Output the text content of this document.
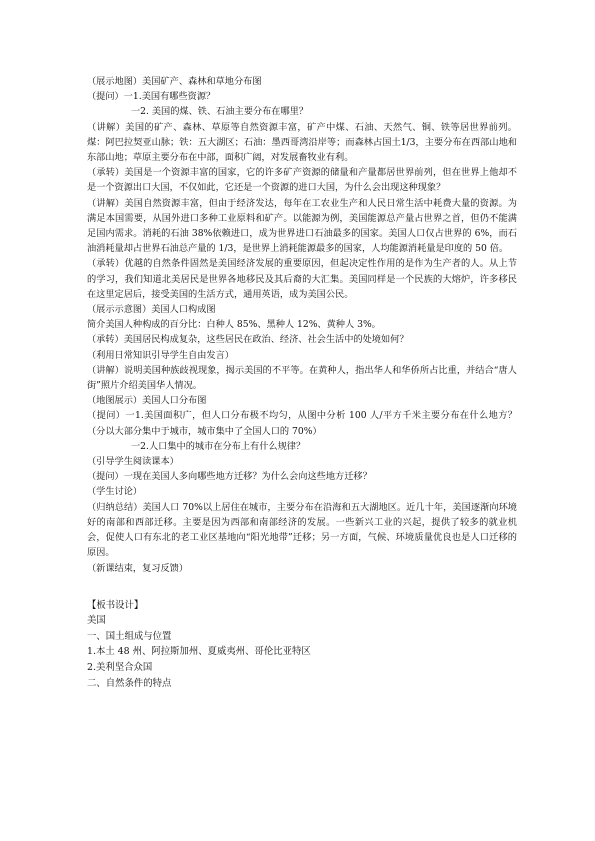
（展示地图）美国矿产、森林和草地分布图

（提问）一1.美国有哪些资源？

一2. 美国的煤、铁、石油主要分布在哪里？

（讲解）美国的矿产、森林、草原等自然资源丰富，矿产中煤、石油、天然气、铜、铁等居世界前列。煤：阿巴拉契亚山脉；铁：五大湖区；石油：墨西哥湾沿岸等；而森林占国土1/3，主要分布在西部山地和东部山地；草原主要分布在中部，面积广阔，对发展畜牧业有利。

（承转）美国是一个资源丰富的国家，它的许多矿产资源的储量和产量都居世界前列，但在世界上他却不是一个资源出口大国，不仅如此，它还是一个资源的进口大国，为什么会出现这种现象？

（讲解）美国自然资源丰富，但由于经济发达，每年在工农业生产和人民日常生活中耗费大量的资源。为满足本国需要，从国外进口多种工业原料和矿产。以能源为例，美国能源总产量占世界之首，但仍不能满足国内需求。消耗的石油 38%依赖进口，成为世界进口石油最多的国家。美国人口仅占世界的 6%，而石油消耗量却占世界石油总产量的 1/3，是世界上消耗能源最多的国家，人均能源消耗量是印度的 50 倍。

（承转）优越的自然条件固然是美国经济发展的重要原因，但起决定性作用的是作为生产者的人。从上节的学习，我们知道北美居民是世界各地移民及其后裔的大汇集。美国同样是一个民族的大熔炉，许多移民在这里定居后，接受美国的生活方式，通用英语，成为美国公民。

（展示示意图）美国人口构成图

简介美国人种构成的百分比：白种人 85%、黑种人 12%、黄种人 3%。

（承转）美国居民构成复杂，这些居民在政治、经济、社会生活中的处境如何？

（利用日常知识引导学生自由发言）

（讲解）说明美国种族歧视现象，揭示美国的不平等。在黄种人，指出华人和华侨所占比重，并结合“唐人街”照片介绍美国华人情况。

（地图展示）美国人口分布图

（提问）一1.美国面积广，但人口分布极不均匀，从图中分析 100 人/平方千米主要分布在什么地方？（分以大部分集中于城市，城市集中了全国人口的 70%）

一2.人口集中的城市在分布上有什么规律？

（引导学生阅读课本）

（提问）一现在美国人多向哪些地方迁移？为什么会向这些地方迁移？

（学生讨论）

（归纳总结）美国人口 70%以上居住在城市，主要分布在沿海和五大湖地区。近几十年，美国逐渐向环境好的南部和西部迁移。主要是因为西部和南部经济的发展。一些新兴工业的兴起，提供了较多的就业机会，促使人口有东北的老工业区基地向“阳光地带”迁移；另一方面，气候、环境质量优良也是人口迁移的原因。

（新课结束，复习反馈）

【板书设计】

美国

一、国土组成与位置

1.本土 48 州、阿拉斯加州、夏威夷州、哥伦比亚特区

2.美利坚合众国

二、自然条件的特点
